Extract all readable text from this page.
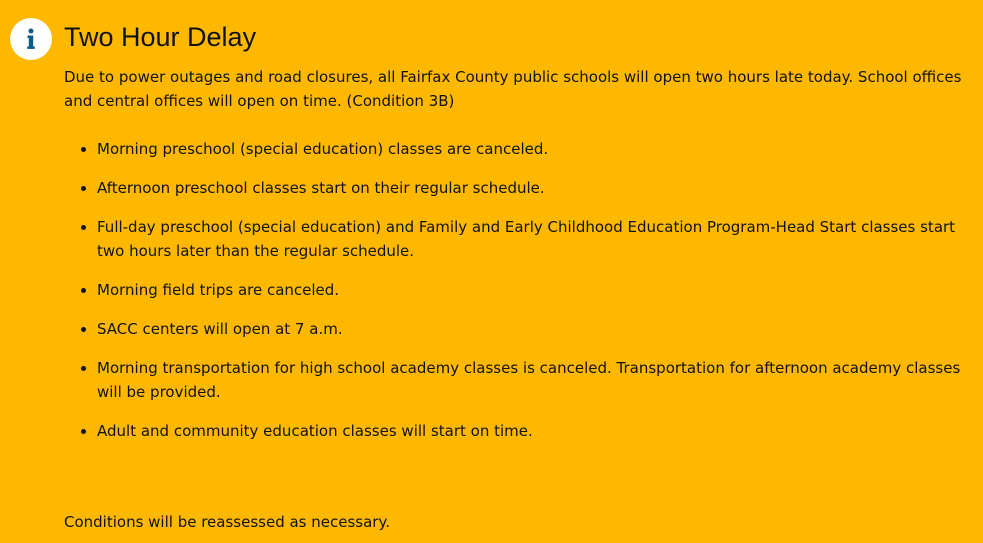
Two Hour Delay

Due to power outages and road closures, all Fairfax County public schools will open two hours late today. School offices and central offices will open on time. (Condition 3B)

Morning preschool (special education) classes are canceled.
Afternoon preschool classes start on their regular schedule.
Full-day preschool (special education) and Family and Early Childhood Education Program-Head Start classes start two hours later than the regular schedule.
Morning field trips are canceled.
SACC centers will open at 7 a.m.
Morning transportation for high school academy classes is canceled. Transportation for afternoon academy classes will be provided.
Adult and community education classes will start on time.

Conditions will be reassessed as necessary.
